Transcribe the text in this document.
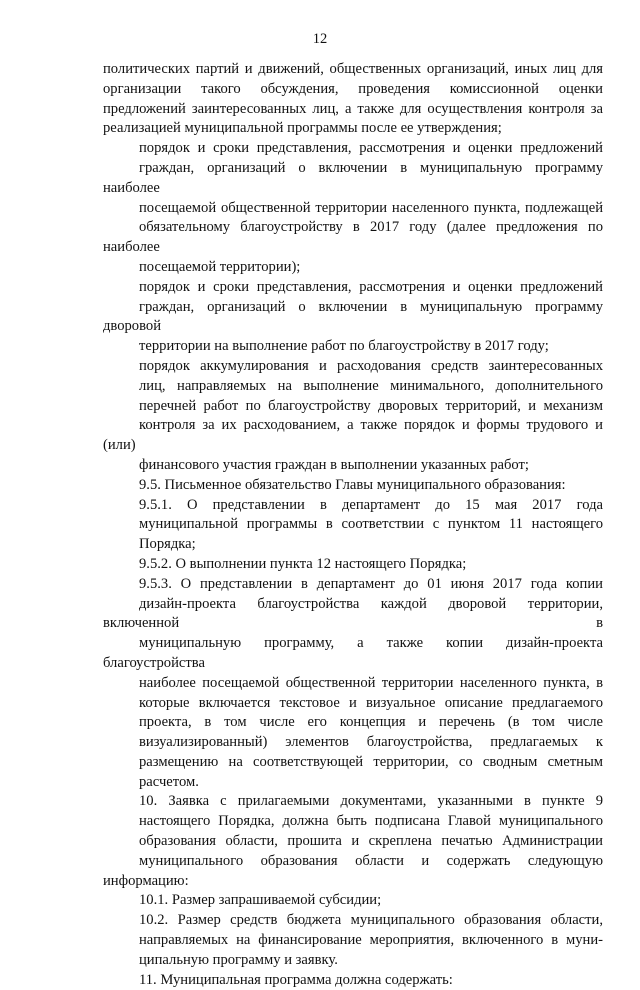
12

политических партий и движений, общественных организаций, иных лиц для
организации такого обсуждения, проведения комиссионной оценки
предложений заинтересованных лиц, а также для осуществления контроля за
реализацией муниципальной программы после ее утверждения;

порядок и сроки представления, рассмотрения и оценки предложений
граждан, организаций о включении в муниципальную программу наиболее
посещаемой общественной территории населенного пункта, подлежащей
обязательному благоустройству в 2017 году (далее предложения по наиболее
посещаемой территории);

порядок и сроки представления, рассмотрения и оценки предложений
граждан, организаций о включении в муниципальную программу дворовой
территории на выполнение работ по благоустройству в 2017 году;

порядок аккумулирования и расходования средств заинтересованных
лиц, направляемых на выполнение минимального, дополнительного
перечней работ по благоустройству дворовых территорий, и механизм
контроля за их расходованием, а также порядок и формы трудового и (или)
финансового участия граждан в выполнении указанных работ;

9.5. Письменное обязательство Главы муниципального образования:

9.5.1. О представлении в департамент до 15 мая 2017 года
муниципальной программы в соответствии с пунктом 11 настоящего
Порядка;

9.5.2. О выполнении пункта 12 настоящего Порядка;

9.5.3. О представлении в департамент до 01 июня 2017 года копии
дизайн-проекта благоустройства каждой дворовой территории, включенной в
муниципальную программу, а также копии дизайн-проекта благоустройства
наиболее посещаемой общественной территории населенного пункта, в
которые включается текстовое и визуальное описание предлагаемого
проекта, в том числе его концепция и перечень (в том числе
визуализированный) элементов благоустройства, предлагаемых к
размещению на соответствующей территории, со сводным сметным
расчетом.

10. Заявка с прилагаемыми документами, указанными в пункте 9
настоящего Порядка, должна быть подписана Главой муниципального
образования области, прошита и скреплена печатью Администрации
муниципального образования области и содержать следующую информацию:

10.1. Размер запрашиваемой субсидии;

10.2. Размер средств бюджета муниципального образования области,
направляемых на финансирование мероприятия, включенного в муни-
ципальную программу и заявку.

11. Муниципальная программа должна содержать:
